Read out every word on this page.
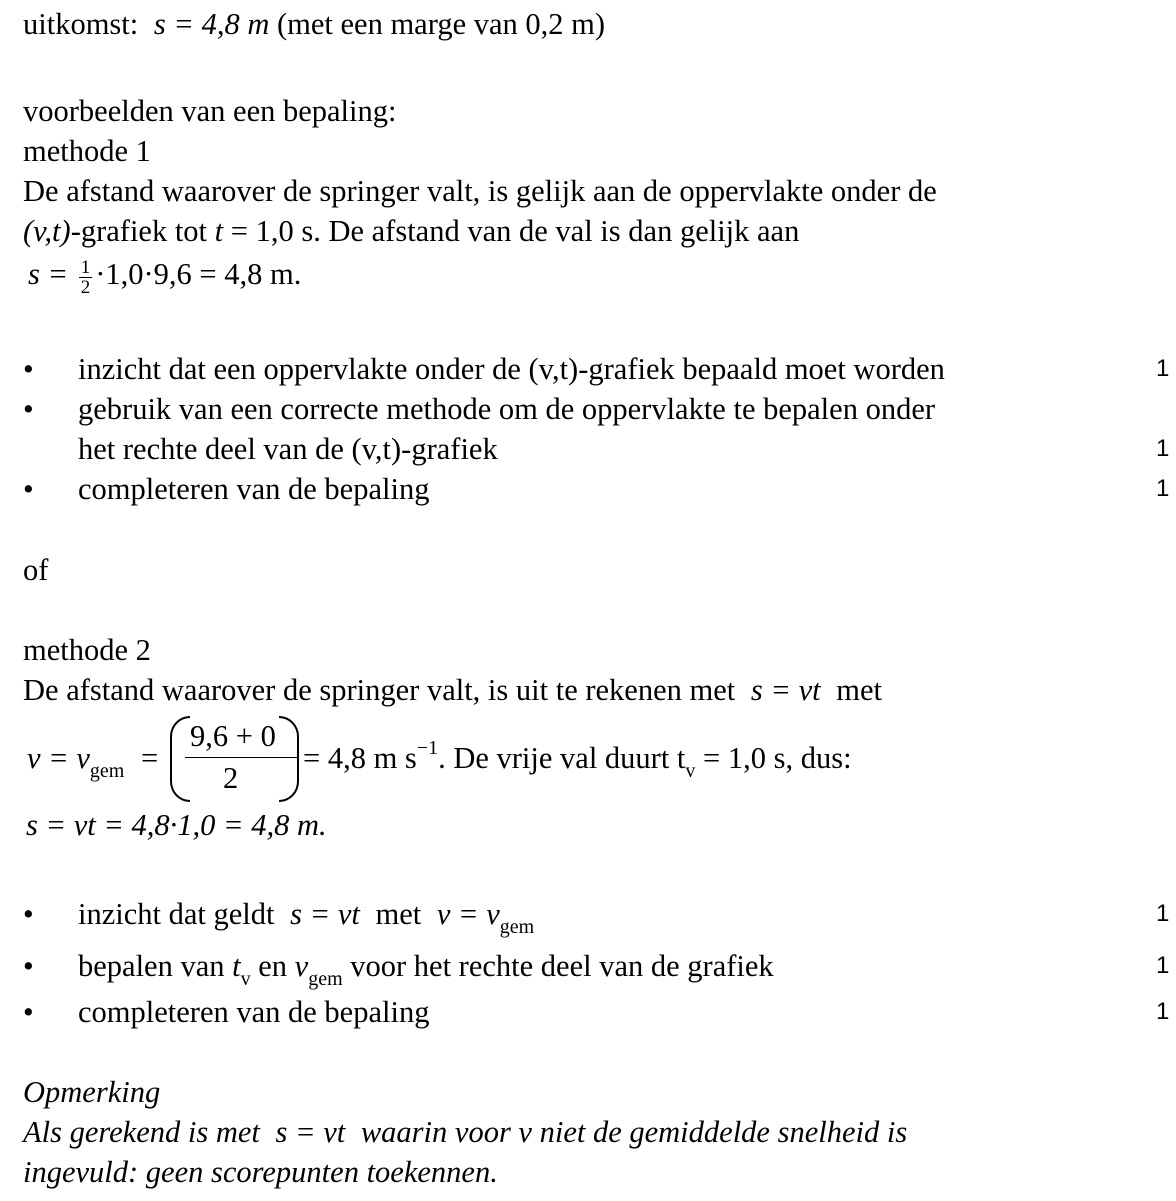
uitkomst: s = 4,8 m (met een marge van 0,2 m)
voorbeelden van een bepaling:
methode 1
De afstand waarover de springer valt, is gelijk aan de oppervlakte onder de
(v,t)-grafiek tot t = 1,0 s. De afstand van de val is dan gelijk aan
$s = \frac{1}{2} \cdot 1,0\cdot 9,6 = 4,8$ m.
• inzicht dat een oppervlakte onder de (v,t)-grafiek bepaald moet worden	1
• gebruik van een correcte methode om de oppervlakte te bepalen onder
het rechte deel van de (v,t)-grafiek	1
• completeren van de bepaling	1
of
methode 2
De afstand waarover de springer valt, is uit te rekenen met s = vt met
$v = v_{gem}$ =
9,6 + 0
2
= 4,8 m $s^{-1}$. De vrije val duurt $t_v = 1,0$ s, dus:
s = vt = 4,8·1,0 = 4,8 m.
• inzicht dat geldt s = vt met $v = v_{gem}$	1
• bepalen van $t_v$ en $v_{gem}$ voor het rechte deel van de grafiek	1
• completeren van de bepaling	1
Opmerking
Als gerekend is met s = vt waarin voor v niet de gemiddelde snelheid is
ingevuld: geen scorepunten toekennen.
